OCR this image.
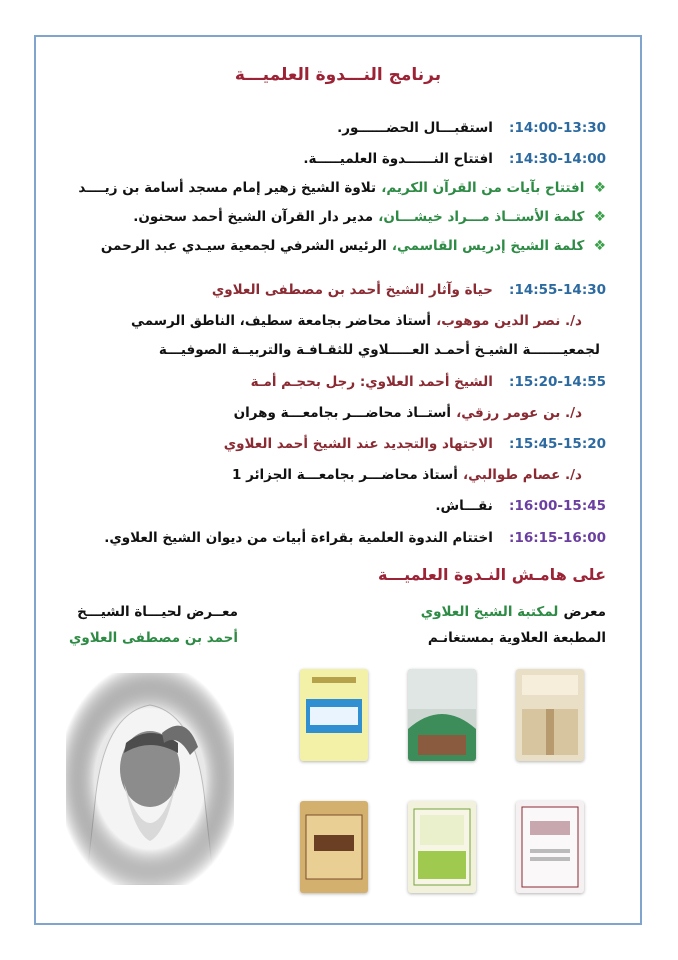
برنامج النـــدوة العلميـــة
14:00-13:30:  استقبـــال الحضــــــور.
14:30-14:00:  افتتاح النــــــدوة العلميـــــة.
❖ افتتاح بآيات من القرآن الكريم، تلاوة الشيخ زهير إمام مسجد أسامة بن زيــــد
❖ كلمة الأستــاذ مـــراد خيشـــان، مدير دار القرآن الشيخ أحمد سحنون.
❖ كلمة الشيخ إدريس القاسمي، الرئيس الشرفي لجمعية سيـدي عبد الرحمن
14:55-14:30:  حياة وآثار الشيخ أحمد بن مصطفى العلاوي
د/. نصر الدين موهوب، أستاذ محاضر بجامعة سطيف، الناطق الرسمي
لجمعيـــــــة الشيـخ أحمـد العـــــلاوي للثقـافـة والتربيــة الصوفيـــة
15:20-14:55:  الشيخ أحمد العلاوي: رجل بحجـم أمـة
د/. بن عومر رزقي، أستــاذ محاضـــر بجامعـــة وهران
15:45-15:20:  الاجتهاد والتجديد عند الشيخ أحمد العلاوي
د/. عصام طوالبي، أستاذ محاضـــر بجامعـــة الجزائر 1
16:00-15:45:  نقـــاش.
16:15-16:00:  اختتام الندوة العلمية بقراءة أبيات من ديوان الشيخ العلاوي.
على هامـش النـدوة العلميـــة
معرض لمكتبة الشيخ العلاوي
المطبعة العلاوية بمستغانـم
معــرض لحيـــاة الشيـــخ
أحمد بن مصطفى العلاوي
